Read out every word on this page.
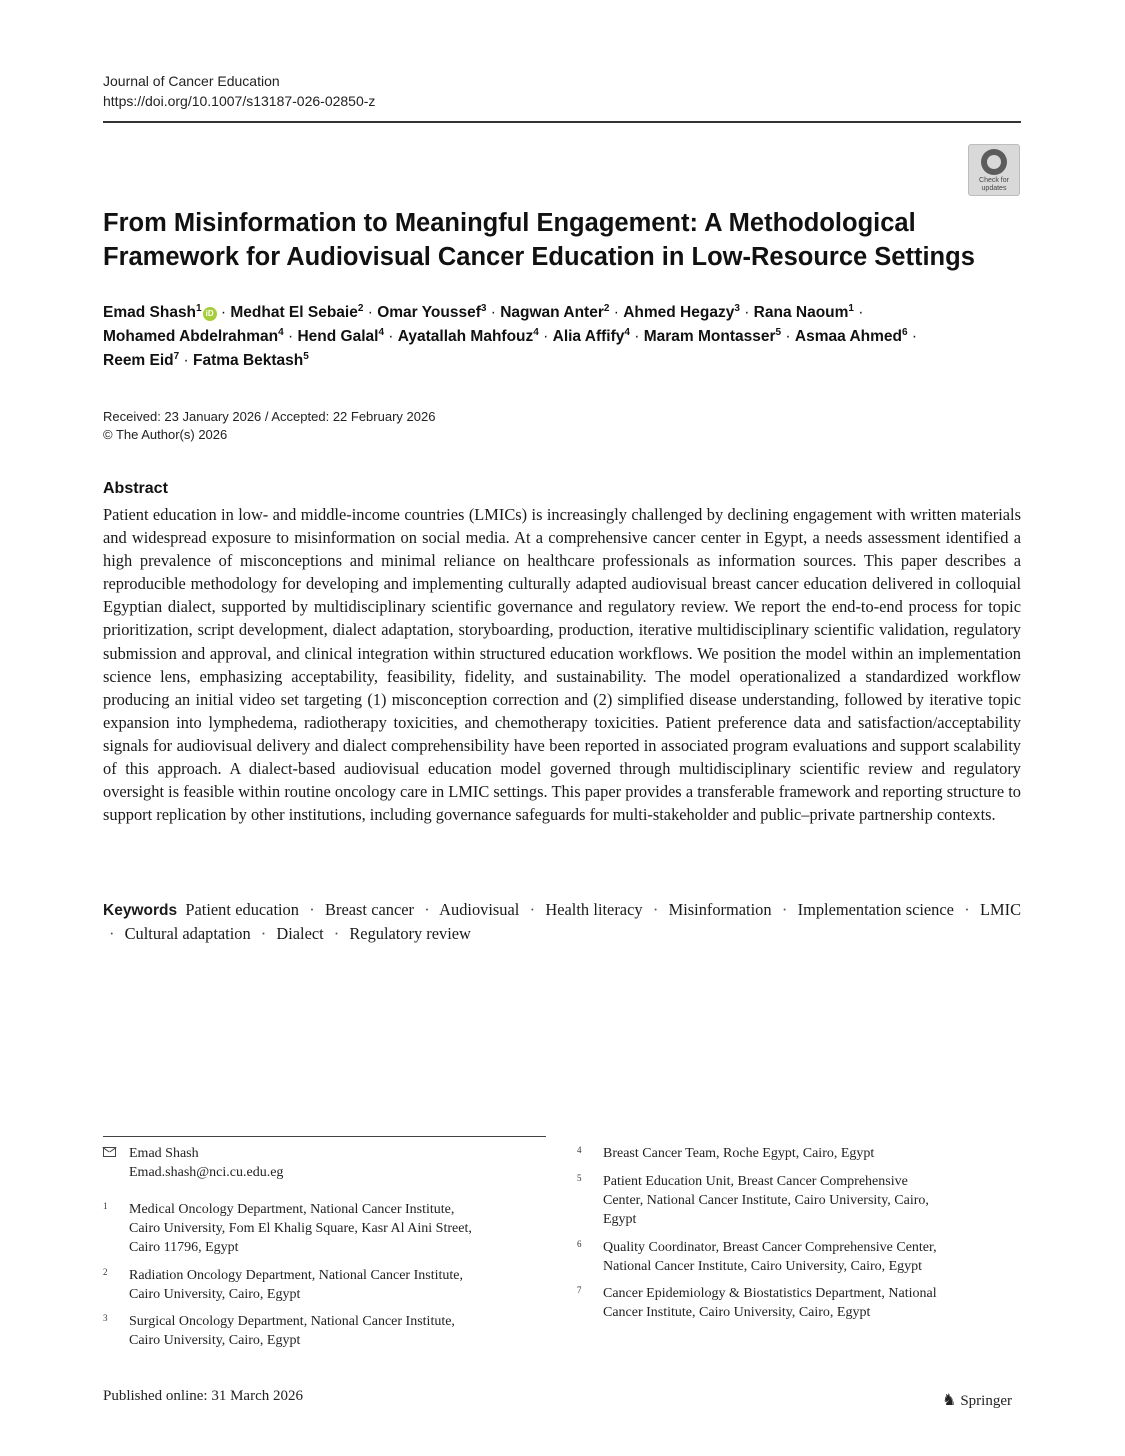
Journal of Cancer Education
https://doi.org/10.1007/s13187-026-02850-z
Check for
updates
From Misinformation to Meaningful Engagement: A Methodological
Framework for Audiovisual Cancer Education in Low-Resource Settings
Emad Shash$^1$ iD · Medhat El Sebaie$^2$ · Omar Youssef$^3$ · Nagwan Anter$^2$ · Ahmed Hegazy$^3$ · Rana Naoum$^1$ ·
Mohamed Abdelrahman$^4$ · Hend Galal$^4$ · Ayatallah Mahfouz$^4$ · Alia Affify$^4$ · Maram Montasser$^5$ · Asmaa Ahmed$^6$ ·
Reem Eid$^7$ · Fatma Bektash$^5$
Received: 23 January 2026 / Accepted: 22 February 2026
© The Author(s) 2026
Abstract

Patient education in low- and middle-income countries (LMICs) is increasingly challenged by declining engagement with written materials and widespread exposure to misinformation on social media. At a comprehensive cancer center in Egypt, a needs assessment identified a high prevalence of misconceptions and minimal reliance on healthcare professionals as information sources. This paper describes a reproducible methodology for developing and implementing culturally adapted audiovisual breast cancer education delivered in colloquial Egyptian dialect, supported by multidisciplinary scientific governance and regulatory review. We report the end-to-end process for topic prioritization, script development, dialect adaptation, storyboarding, production, iterative multidisciplinary scientific validation, regulatory submission and approval, and clinical integration within structured education workflows. We position the model within an implementation science lens, emphasizing acceptability, feasibility, fidelity, and sustainability. The model operationalized a standardized workflow producing an initial video set targeting (1) misconception correction and (2) simplified disease understanding, followed by iterative topic expansion into lymphedema, radiotherapy toxicities, and chemotherapy toxicities. Patient preference data and satisfaction/acceptability signals for audiovisual delivery and dialect comprehensibility have been reported in associated program evaluations and support scalability of this approach. A dialect-based audiovisual education model governed through multidisciplinary scientific review and regulatory oversight is feasible within routine oncology care in LMIC settings. This paper provides a transferable framework and reporting structure to support replication by other institutions, including governance safeguards for multi-stakeholder and public–private partnership contexts.

Keywords Patient education · Breast cancer · Audiovisual · Health literacy · Misinformation · Implementation science · LMIC · Cultural adaptation · Dialect · Regulatory review
Emad Shash
Emad.shash@nci.cu.edu.eg
1 Medical Oncology Department, National Cancer Institute,
Cairo University, Fom El Khalig Square, Kasr Al Aini Street,
Cairo 11796, Egypt
2 Radiation Oncology Department, National Cancer Institute,
Cairo University, Cairo, Egypt
3 Surgical Oncology Department, National Cancer Institute,
Cairo University, Cairo, Egypt
4 Breast Cancer Team, Roche Egypt, Cairo, Egypt
5 Patient Education Unit, Breast Cancer Comprehensive
Center, National Cancer Institute, Cairo University, Cairo,
Egypt
6 Quality Coordinator, Breast Cancer Comprehensive Center,
National Cancer Institute, Cairo University, Cairo, Egypt
7 Cancer Epidemiology & Biostatistics Department, National
Cancer Institute, Cairo University, Cairo, Egypt
Published online: 31 March 2026	♞ Springer
